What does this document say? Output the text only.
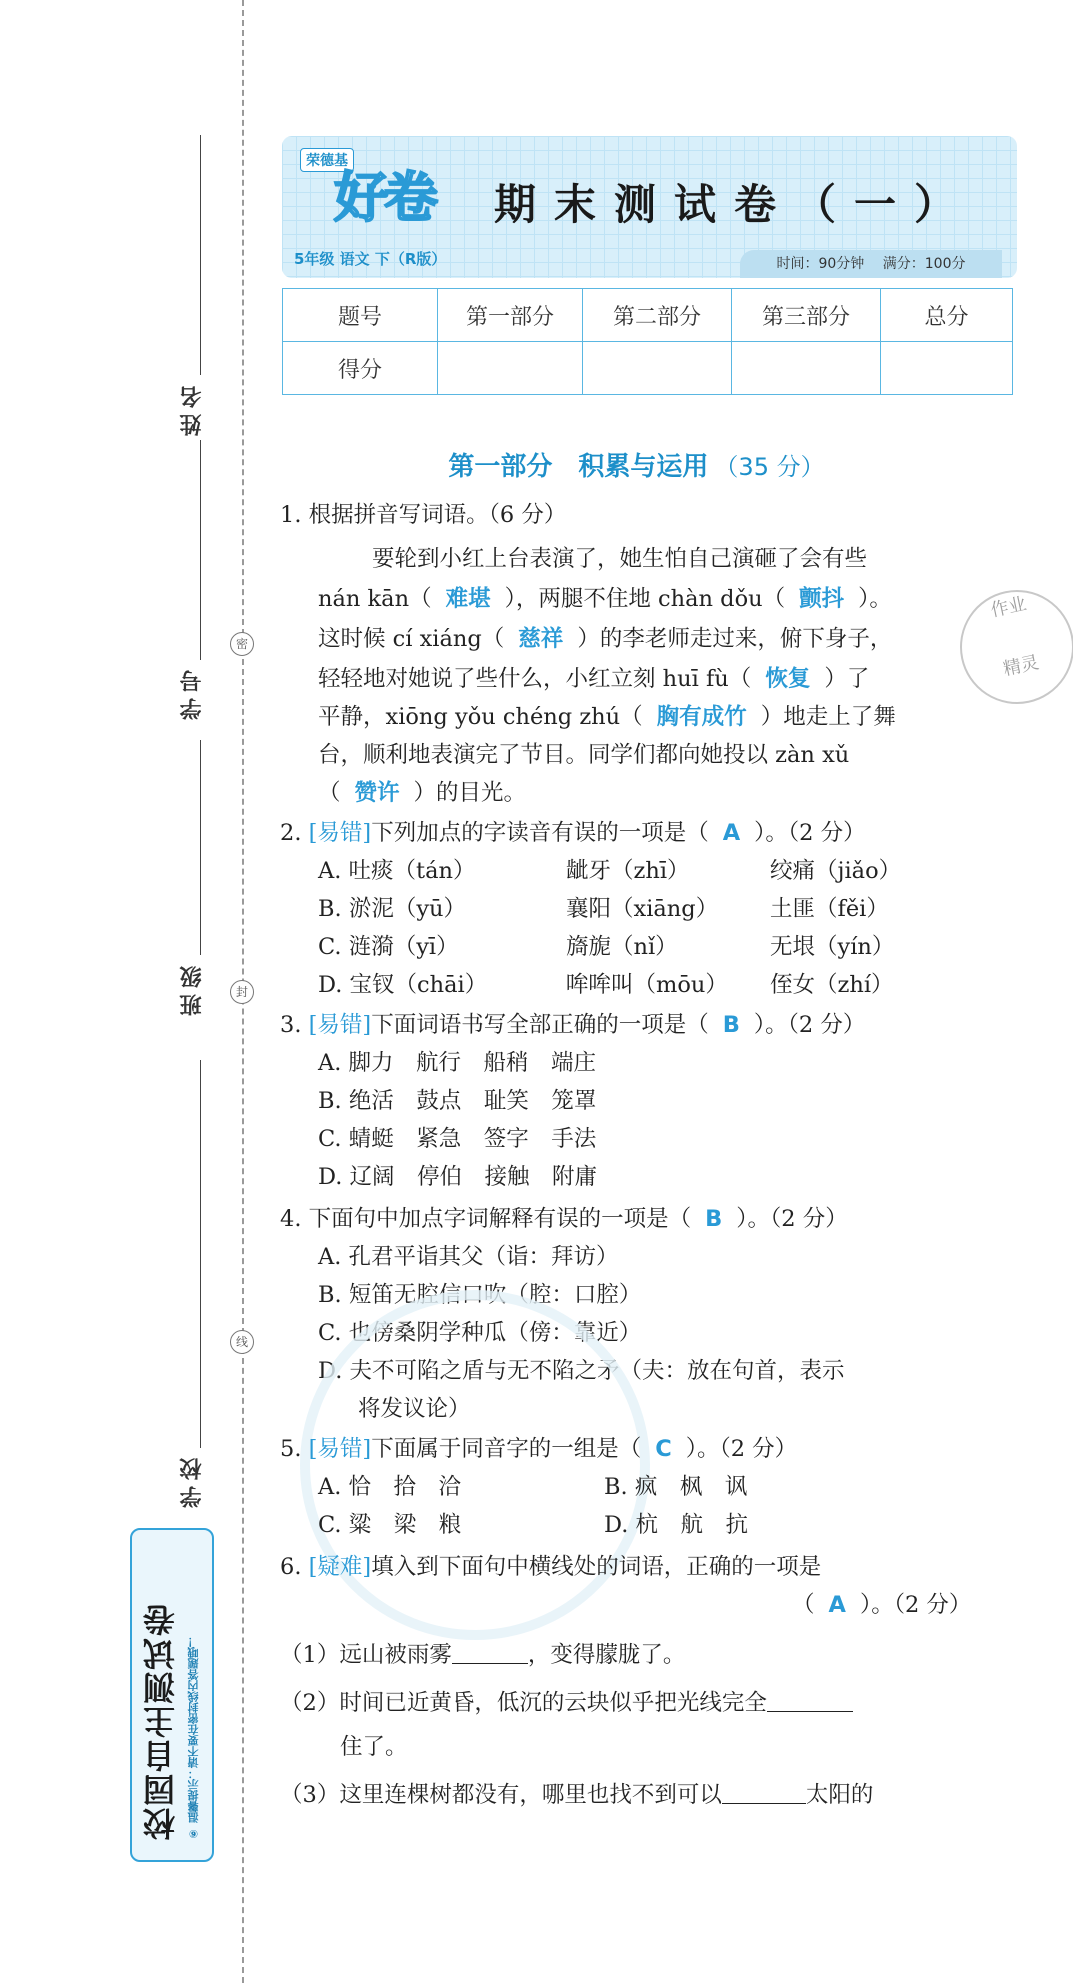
密
封
线
姓名
学号
班级
学校
校园自主测试卷 ⑥ 温馨提示：请不要在密封线内答题哦！
荣德基
好卷 期末测试卷（一）
5年级 语文 下（R版）	时间：90分钟　 满分：100分
题号	第一部分	第二部分	第三部分	总分
得分				
第一部分　积累与运用 （35 分）
1. 根据拼音写词语。（6 分）
要轮到小红上台表演了，她生怕自己演砸了会有些
nán kān（ 难堪 ），两腿不住地 chàn dǒu（ 颤抖 ）。
这时候 cí xiáng（ 慈祥 ）的李老师走过来，俯下身子，
轻轻地对她说了些什么，小红立刻 huī fù（ 恢复 ）了
平静，xiōng yǒu chéng zhú（ 胸有成竹 ）地走上了舞
台，顺利地表演完了节目。同学们都向她投以 zàn xǔ
（ 赞许 ）的目光。
作业

精灵
2. [易错]下列加点的字读音有误的一项是（ A ）。（2 分）
A. 吐痰（tán）	龇牙（zhī）	绞痛（jiǎo）
B. 淤泥（yū）	襄阳（xiāng） 土匪（fěi）
C. 涟漪（yī）	旖旎（nǐ）	无垠（yín）
D. 宝钗（chāi）	哞哞叫（mōu） 侄女（zhí）
3. [易错]下面词语书写全部正确的一项是（ B ）。（2 分）
A. 脚力　航行　船稍　端庄
B. 绝活　鼓点　耻笑　笼罩
C. 蜻蜓　紧急　签字　手法
D. 辽阔　停伯　接触　附庸
4. 下面句中加点字词解释有误的一项是（ B ）。（2 分）
A. 孔君平诣其父（诣：拜访）
B. 短笛无腔信口吹（腔：口腔）
C. 也傍桑阴学种瓜（傍：靠近）
D. 夫不可陷之盾与无不陷之矛（夫：放在句首，表示
将发议论）
5. [易错]下面属于同音字的一组是（ C ）。（2 分）
A. 恰　拾　洽	B. 疯　枫　讽
C. 粱　梁　粮	D. 杭　航　抗
6. [疑难]填入到下面句中横线处的词语，正确的一项是
（ A ）。（2 分）
（1）远山被雨雾	，变得朦胧了。
（2）时间已近黄昏，低沉的云块似乎把光线完全
住了。
（3）这里连棵树都没有，哪里也找不到可以	太阳的
